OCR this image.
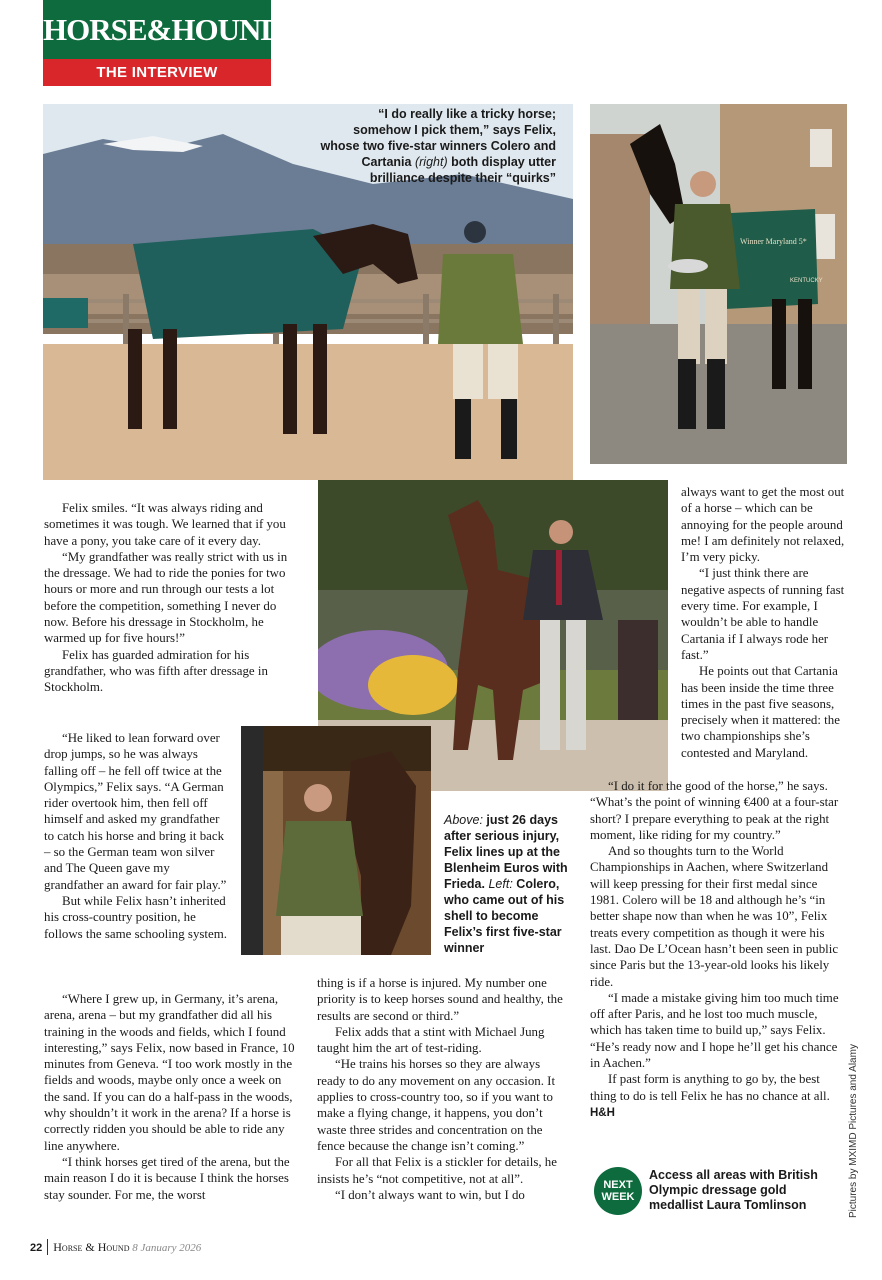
HORSE&HOUND
THE INTERVIEW
“I do really like a tricky horse; somehow I pick them,” says Felix, whose two five-star winners Colero and Cartania (right) both display utter brilliance despite their “quirks”
Winner Maryland 5*
KENTUCKY
Above: just 26 days after serious injury, Felix lines up at the Blenheim Euros with Frieda. Left: Colero, who came out of his shell to become Felix’s first five-star winner

Felix smiles. “It was always riding and sometimes it was tough. We learned that if you have a pony, you take care of it every day.

“My grandfather was really strict with us in the dressage. We had to ride the ponies for two hours or more and run through our tests a lot before the competition, something I never do now. Before his dressage in Stockholm, he warmed up for five hours!”

Felix has guarded admiration for his grandfather, who was fifth after dressage in Stockholm.

“He liked to lean forward over drop jumps, so he was always falling off – he fell off twice at the Olympics,” Felix says. “A German rider overtook him, then fell off himself and asked my grandfather to catch his horse and bring it back – so the German team won silver and The Queen gave my grandfather an award for fair play.”

But while Felix hasn’t inherited his cross-country position, he follows the same schooling system.

“Where I grew up, in Germany, it’s arena, arena, arena – but my grandfather did all his training in the woods and fields, which I found interesting,” says Felix, now based in France, 10 minutes from Geneva. “I too work mostly in the fields and woods, maybe only once a week on the sand. If you can do a half-pass in the woods, why shouldn’t it work in the arena? If a horse is correctly ridden you should be able to ride any line anywhere.

“I think horses get tired of the arena, but the main reason I do it is because I think the horses stay sounder. For me, the worst

thing is if a horse is injured. My number one priority is to keep horses sound and healthy, the results are second or third.”

Felix adds that a stint with Michael Jung taught him the art of test-riding.

“He trains his horses so they are always ready to do any movement on any occasion. It applies to cross-country too, so if you want to make a flying change, it happens, you don’t waste three strides and concentration on the fence because the change isn’t coming.”

For all that Felix is a stickler for details, he insists he’s “not competitive, not at all”.

“I don’t always want to win, but I do

always want to get the most out of a horse – which can be annoying for the people around me! I am definitely not relaxed, I’m very picky.

“I just think there are negative aspects of running fast every time. For example, I wouldn’t be able to handle Cartania if I always rode her fast.”

He points out that Cartania has been inside the time three times in the past five seasons, precisely when it mattered: the two championships she’s contested and Maryland.

“I do it for the good of the horse,” he says. “What’s the point of winning €400 at a four-star short? I prepare everything to peak at the right moment, like riding for my country.”

And so thoughts turn to the World Championships in Aachen, where Switzerland will keep pressing for their first medal since 1981. Colero will be 18 and although he’s “in better shape now than when he was 10”, Felix treats every competition as though it were his last. Dao De L’Ocean hasn’t been seen in public since Paris but the 13-year-old looks his likely ride.

“I made a mistake giving him too much time off after Paris, and he lost too much muscle, which has taken time to build up,” says Felix. “He’s ready now and I hope he’ll get his chance in Aachen.”

If past form is anything to go by, the best thing to do is tell Felix he has no chance at all. H&H

NEXT WEEK
Access all areas with British Olympic dressage gold medallist Laura Tomlinson	Pictures by MXIMD Pictures and Alamy
22 Horse & Hound 8 January 2026
